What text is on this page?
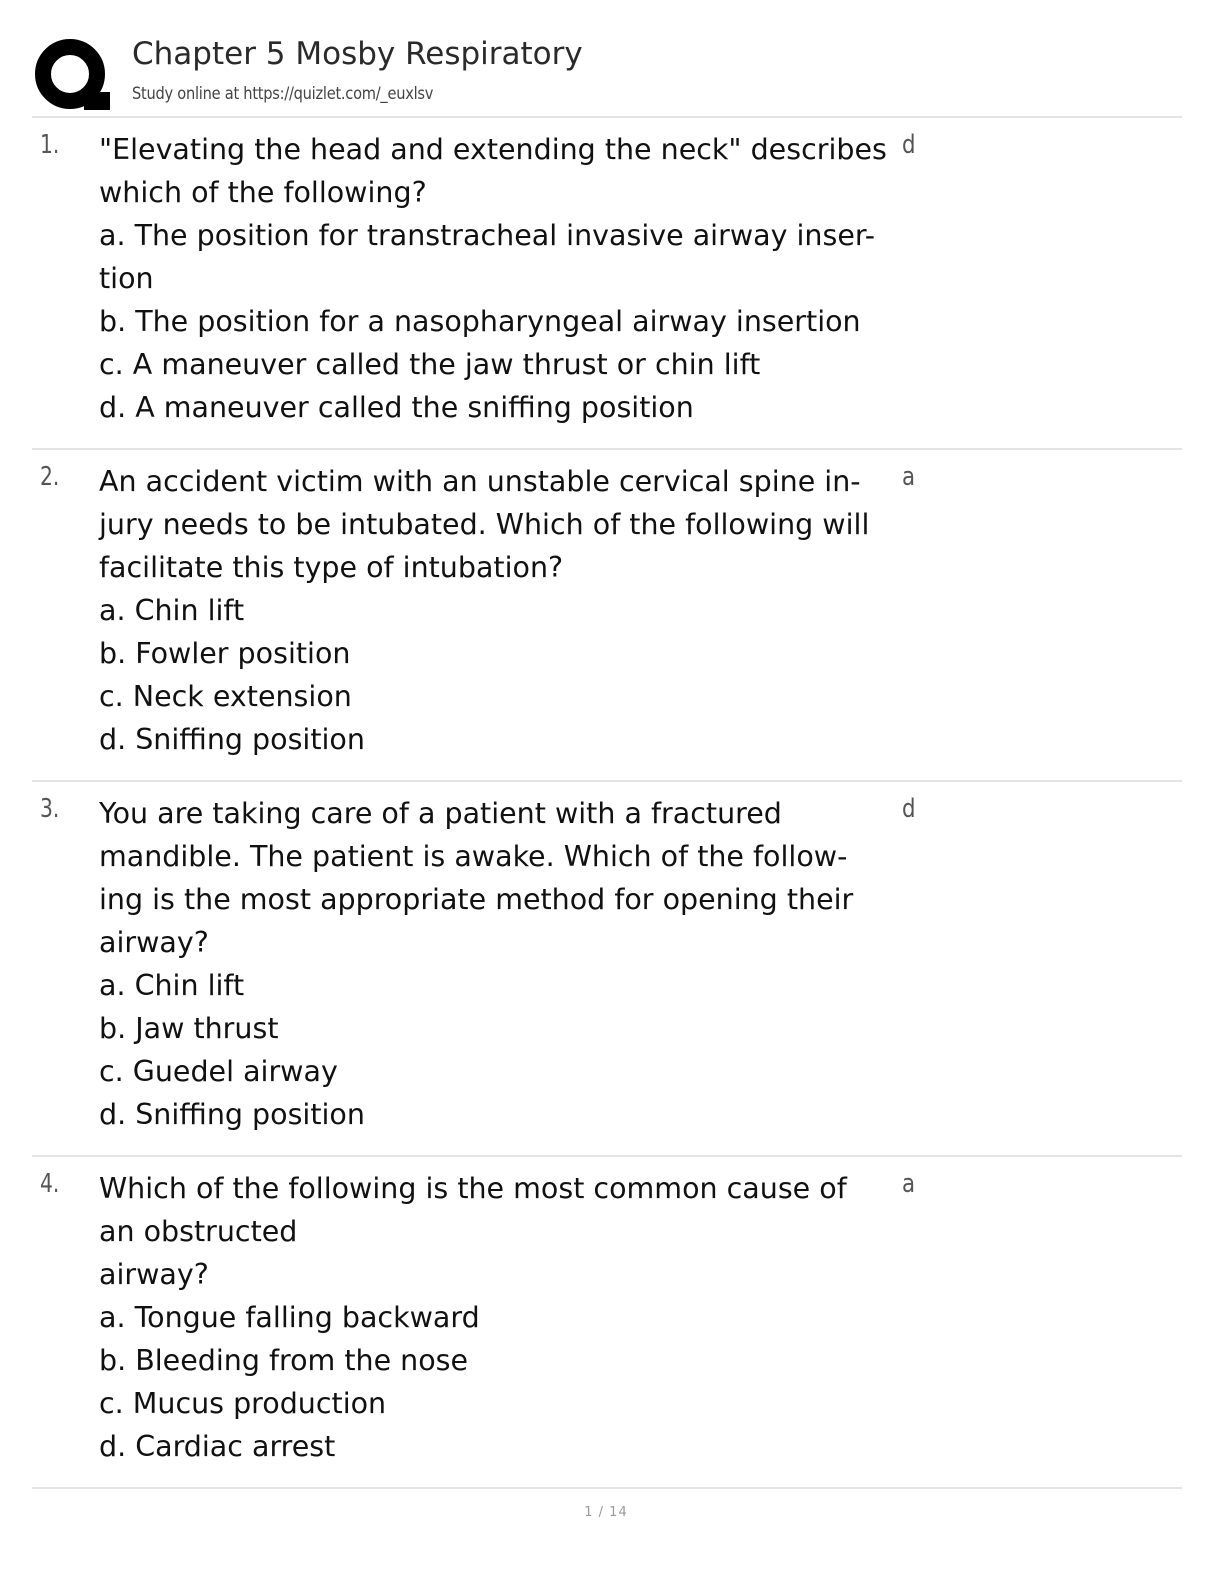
Chapter 5 Mosby Respiratory
Study online at https://quizlet.com/_euxlsv
1. "Elevating the head and extending the neck" describes
which of the following?
a. The position for transtracheal invasive airway inser-
tion
b. The position for a nasopharyngeal airway insertion
c. A maneuver called the jaw thrust or chin lift
d. A maneuver called the sniffing position
d
2. An accident victim with an unstable cervical spine in-
jury needs to be intubated. Which of the following will
facilitate this type of intubation?
a. Chin lift
b. Fowler position
c. Neck extension
d. Sniffing position
a
3. You are taking care of a patient with a fractured
mandible. The patient is awake. Which of the follow-
ing is the most appropriate method for opening their
airway?
a. Chin lift
b. Jaw thrust
c. Guedel airway
d. Sniffing position
d
4. Which of the following is the most common cause of
an obstructed
airway?
a. Tongue falling backward
b. Bleeding from the nose
c. Mucus production
d. Cardiac arrest
a
1 / 14
